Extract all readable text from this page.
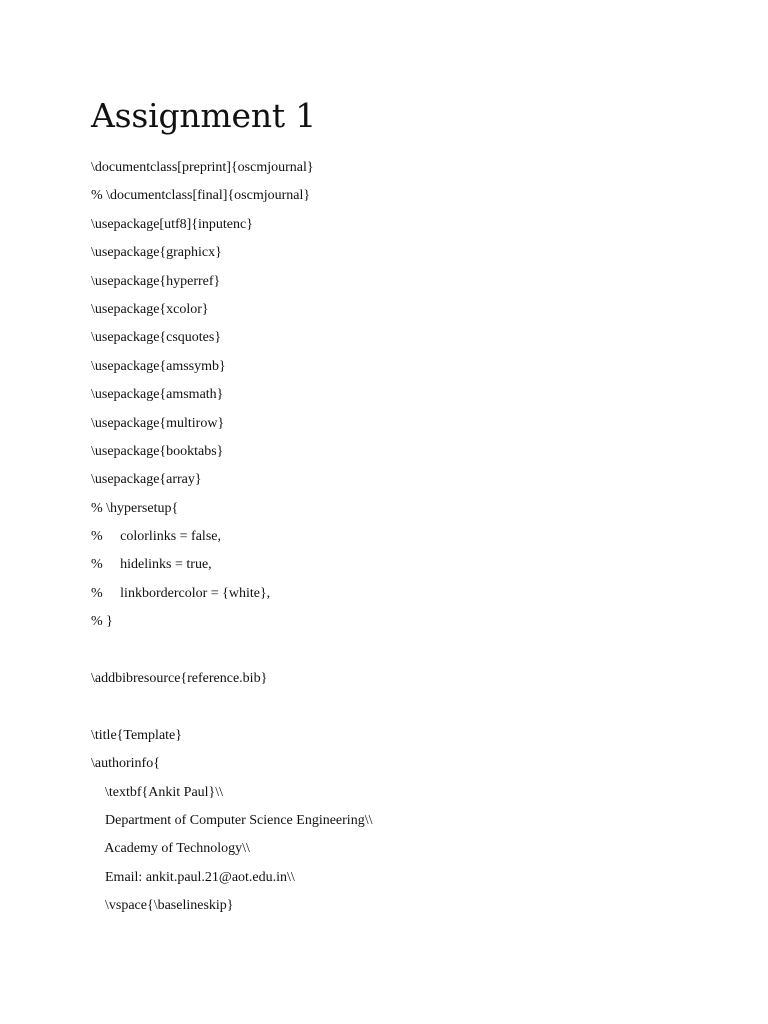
Assignment 1
\documentclass[preprint]{oscmjournal}
% \documentclass[final]{oscmjournal}
\usepackage[utf8]{inputenc}
\usepackage{graphicx}
\usepackage{hyperref}
\usepackage{xcolor}
\usepackage{csquotes}
\usepackage{amssymb}
\usepackage{amsmath}
\usepackage{multirow}
\usepackage{booktabs}
\usepackage{array}
% \hypersetup{
%     colorlinks = false,
%     hidelinks = true,
%     linkbordercolor = {white},
% }
\addbibresource{reference.bib}
\title{Template}
\authorinfo{
\textbf{Ankit Paul}\\
Department of Computer Science Engineering\\
Academy of Technology\\
Email: ankit.paul.21@aot.edu.in\\
\vspace{\baselineskip}
